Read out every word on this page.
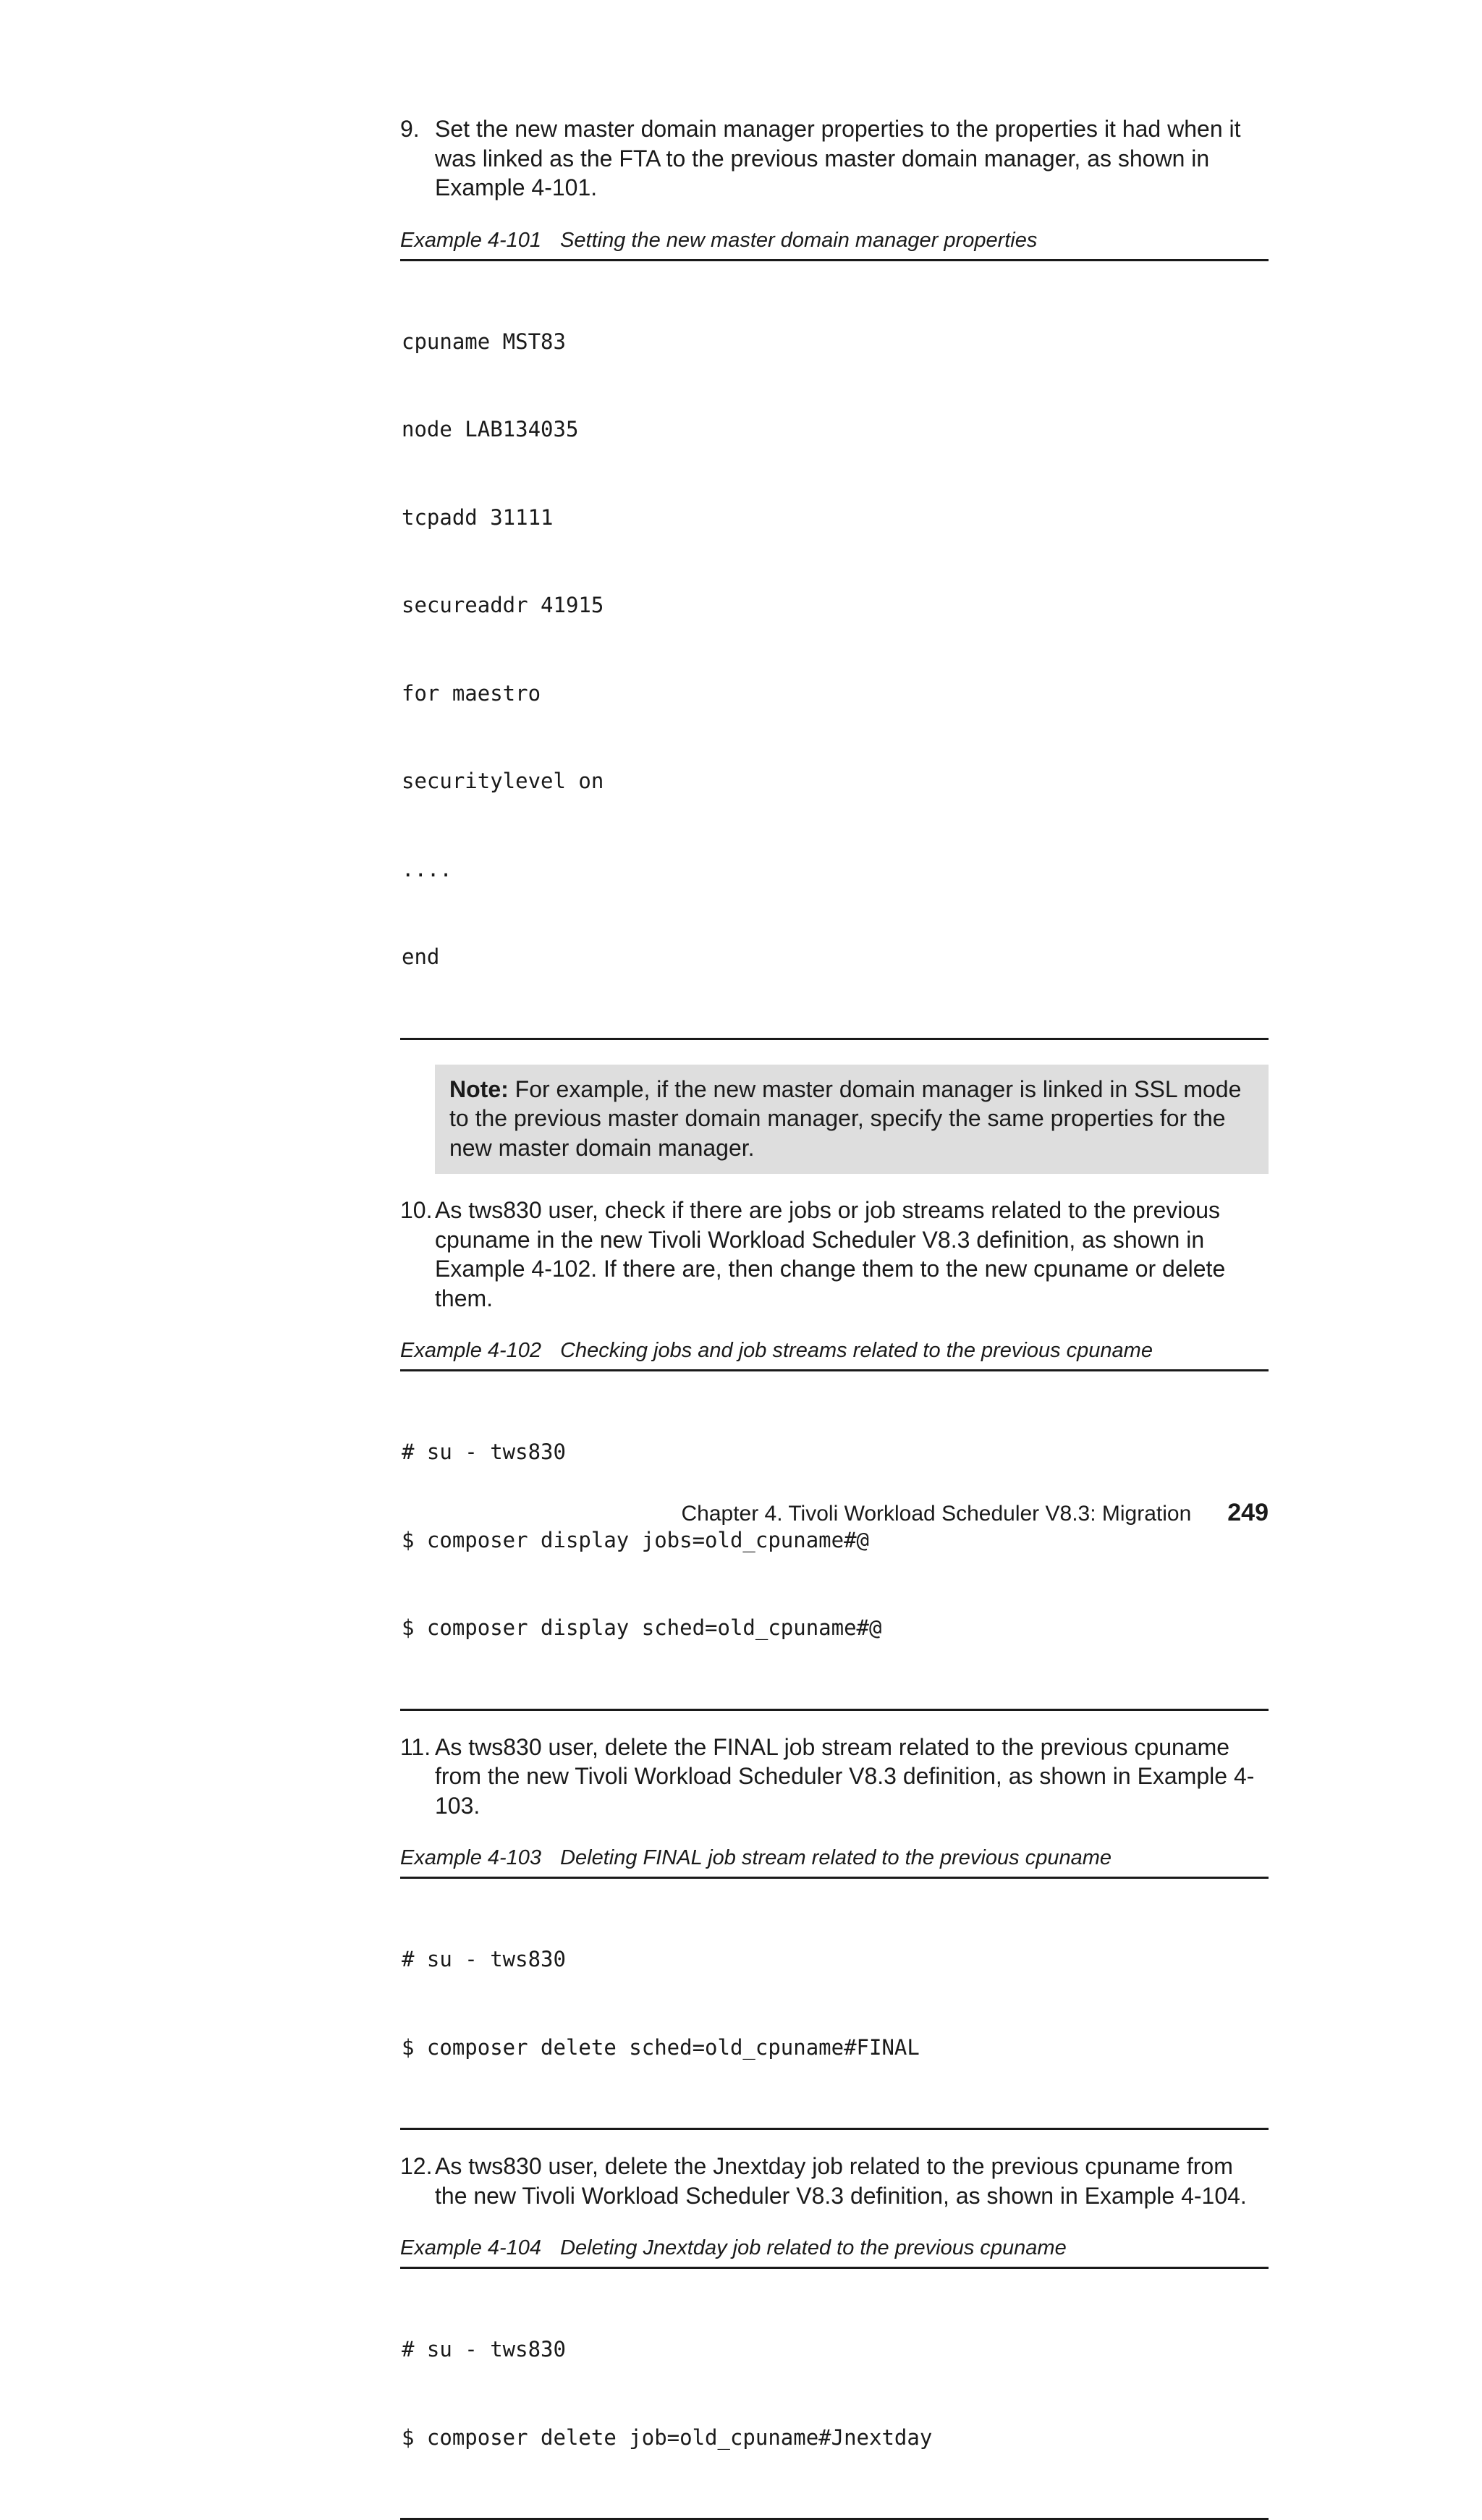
9. Set the new master domain manager properties to the properties it had when it was linked as the FTA to the previous master domain manager, as shown in Example 4-101.
Example 4-101 Setting the new master domain manager properties

cpuname MST83

node LAB134035

tcpadd 31111

secureaddr 41915

for maestro

securitylevel on

....

end

Note: For example, if the new master domain manager is linked in SSL mode to the previous master domain manager, specify the same properties for the new master domain manager.
10. As tws830 user, check if there are jobs or job streams related to the previous cpuname in the new Tivoli Workload Scheduler V8.3 definition, as shown in Example 4-102. If there are, then change them to the new cpuname or delete them.
Example 4-102 Checking jobs and job streams related to the previous cpuname

# su - tws830

$ composer display jobs=old_cpuname#@

$ composer display sched=old_cpuname#@

11. As tws830 user, delete the FINAL job stream related to the previous cpuname from the new Tivoli Workload Scheduler V8.3 definition, as shown in Example 4-103.
Example 4-103 Deleting FINAL job stream related to the previous cpuname

# su - tws830

$ composer delete sched=old_cpuname#FINAL

12. As tws830 user, delete the Jnextday job related to the previous cpuname from the new Tivoli Workload Scheduler V8.3 definition, as shown in Example 4-104.
Example 4-104 Deleting Jnextday job related to the previous cpuname

# su - tws830

$ composer delete job=old_cpuname#Jnextday

Chapter 4. Tivoli Workload Scheduler V8.3: Migration 249
